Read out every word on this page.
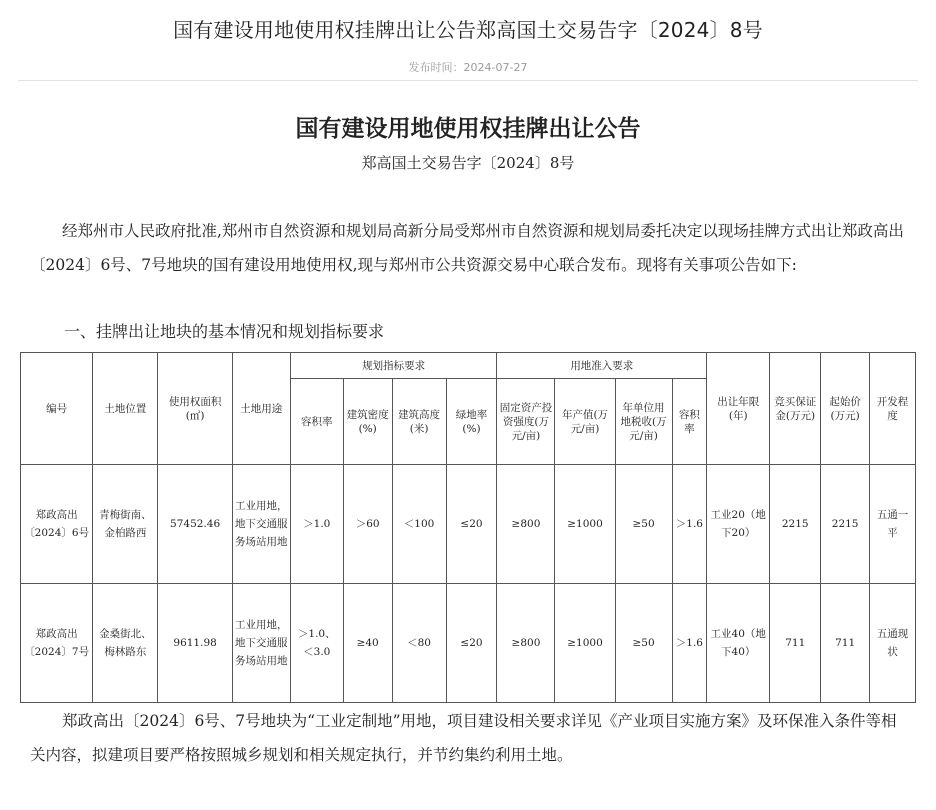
国有建设用地使用权挂牌出让公告郑高国土交易告字〔2024〕8号
发布时间：2024-07-27
国有建设用地使用权挂牌出让公告
郑高国土交易告字〔2024〕8号
经郑州市人民政府批准,郑州市自然资源和规划局高新分局受郑州市自然资源和规划局委托决定以现场挂牌方式出让郑政高出〔2024〕6号、7号地块的国有建设用地使用权,现与郑州市公共资源交易中心联合发布。现将有关事项公告如下:
一、挂牌出让地块的基本情况和规划指标要求
编号	土地位置	使用权面积(㎡)	土地用途	规划指标要求				用地准入要求				出让年限(年)	竞买保证金(万元)	起始价(万元)	开发程度
				容积率	建筑密度(%)	建筑高度(米)	绿地率(%)	固定资产投资强度(万元/亩)	年产值(万元/亩)	年单位用地税收(万元/亩)	容积率				
郑政高出〔2024〕6号	青梅街南、金柏路西	57452.46	工业用地，地下交通服务场站用地	＞1.0	＞60	＜100	≤20	≥800	≥1000	≥50	＞1.6	工业20（地下20）	2215	2215	五通一平
郑政高出〔2024〕7号	金桑街北、梅林路东	9611.98	工业用地，地下交通服务场站用地	＞1.0、＜3.0	≥40	＜80	≤20	≥800	≥1000	≥50	＞1.6	工业40（地下40）	711	711	五通现状
郑政高出〔2024〕6号、7号地块为“工业定制地”用地，项目建设相关要求详见《产业项目实施方案》及环保准入条件等相关内容，拟建项目要严格按照城乡规划和相关规定执行，并节约集约利用土地。
